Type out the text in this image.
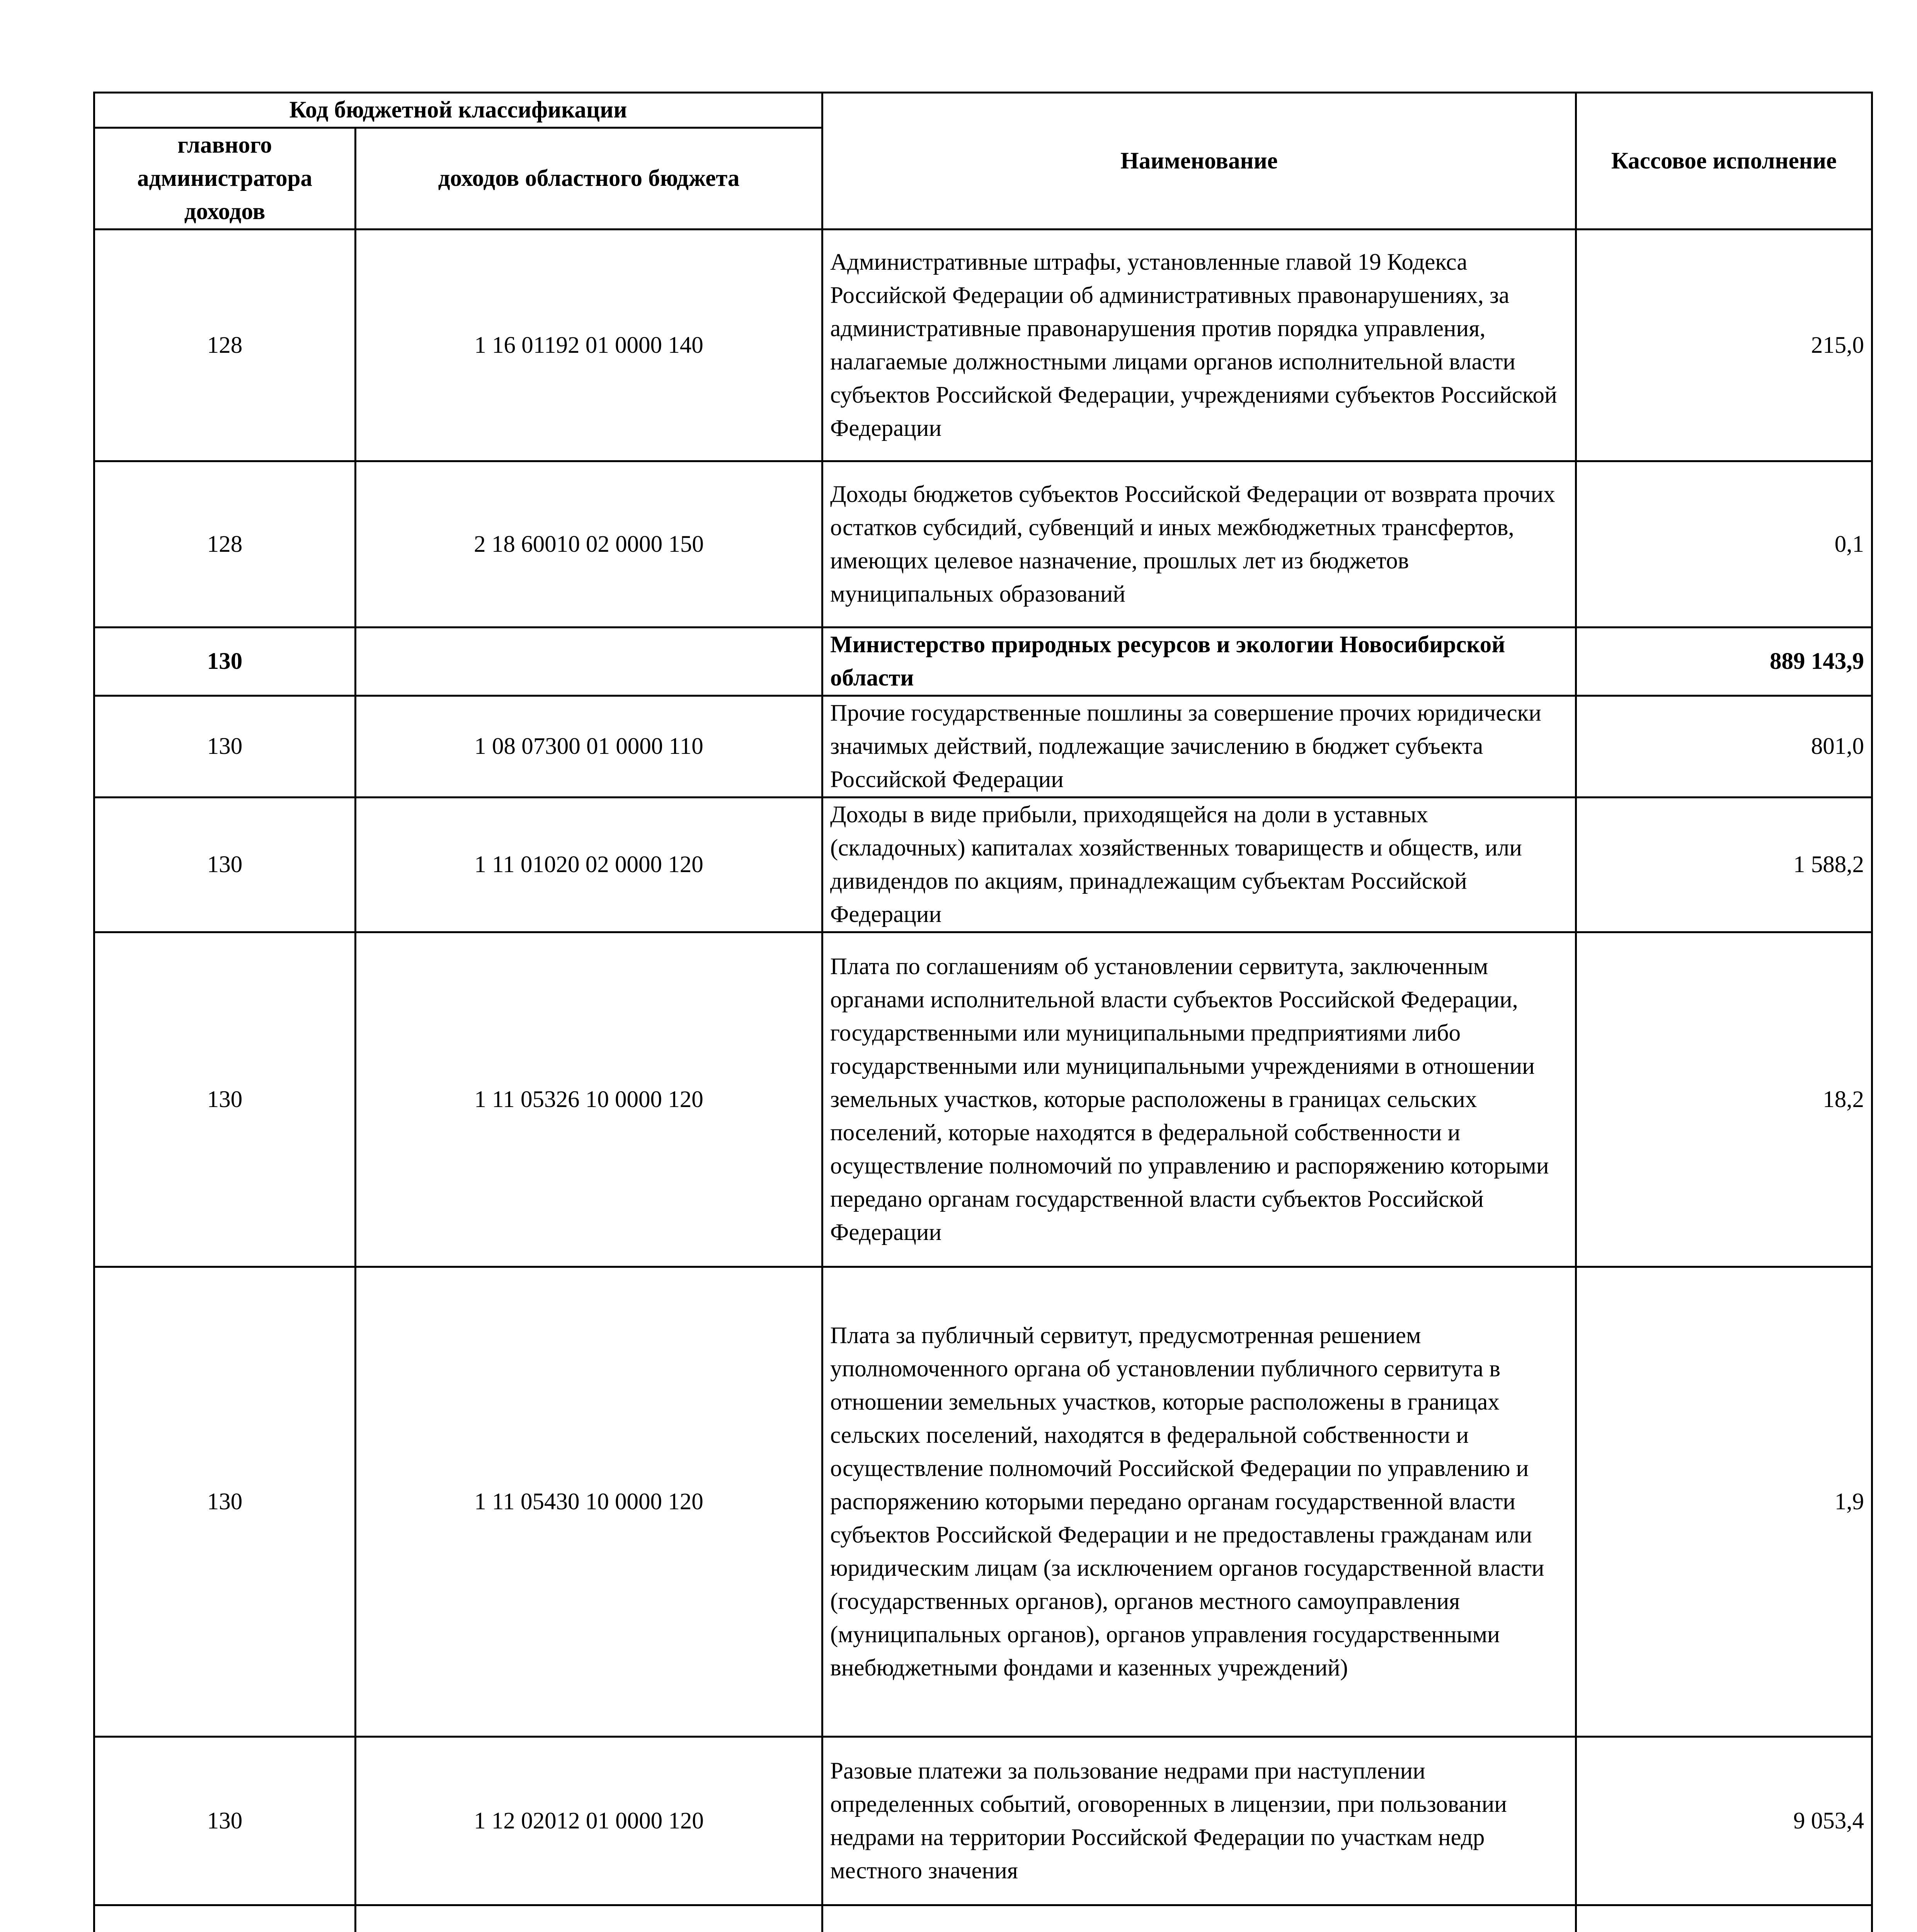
Код бюджетной классификации		Наименование	Кассовое исполнение
главного администратора доходов	доходов областного бюджета		
128	1 16 01192 01 0000 140	Административные штрафы, установленные главой 19 Кодекса Российской Федерации об административных правонарушениях, за административные правонарушения против порядка управления, налагаемые должностными лицами органов исполнительной власти субъектов Российской Федерации, учреждениями субъектов Российской Федерации	215,0
128	2 18 60010 02 0000 150	Доходы бюджетов субъектов Российской Федерации от возврата прочих остатков субсидий, субвенций и иных межбюджетных трансфертов, имеющих целевое назначение, прошлых лет из бюджетов муниципальных образований	0,1
130		Министерство природных ресурсов и экологии Новосибирской области	889 143,9
130	1 08 07300 01 0000 110	Прочие государственные пошлины за совершение прочих юридически значимых действий, подлежащие зачислению в бюджет субъекта Российской Федерации	801,0
130	1 11 01020 02 0000 120	Доходы в виде прибыли, приходящейся на доли в уставных (складочных) капиталах хозяйственных товариществ и обществ, или дивидендов по акциям, принадлежащим субъектам Российской Федерации	1 588,2
130	1 11 05326 10 0000 120	Плата по соглашениям об установлении сервитута, заключенным органами исполнительной власти субъектов Российской Федерации, государственными или муниципальными предприятиями либо государственными или муниципальными учреждениями в отношении земельных участков, которые расположены в границах сельских поселений, которые находятся в федеральной собственности и осуществление полномочий по управлению и распоряжению которыми передано органам государственной власти субъектов Российской Федерации	18,2
130	1 11 05430 10 0000 120	Плата за публичный сервитут, предусмотренная решением уполномоченного органа об установлении публичного сервитута в отношении земельных участков, которые расположены в границах сельских поселений, находятся в федеральной собственности и осуществление полномочий Российской Федерации по управлению и распоряжению которыми передано органам государственной власти субъектов Российской Федерации и не предоставлены гражданам или юридическим лицам (за исключением органов государственной власти (государственных органов), органов местного самоуправления (муниципальных органов), органов управления государственными внебюджетными фондами и казенных учреждений)	1,9
130	1 12 02012 01 0000 120	Разовые платежи за пользование недрами при наступлении определенных событий, оговоренных в лицензии, при пользовании недрами на территории Российской Федерации по участкам недр местного значения	9 053,4
